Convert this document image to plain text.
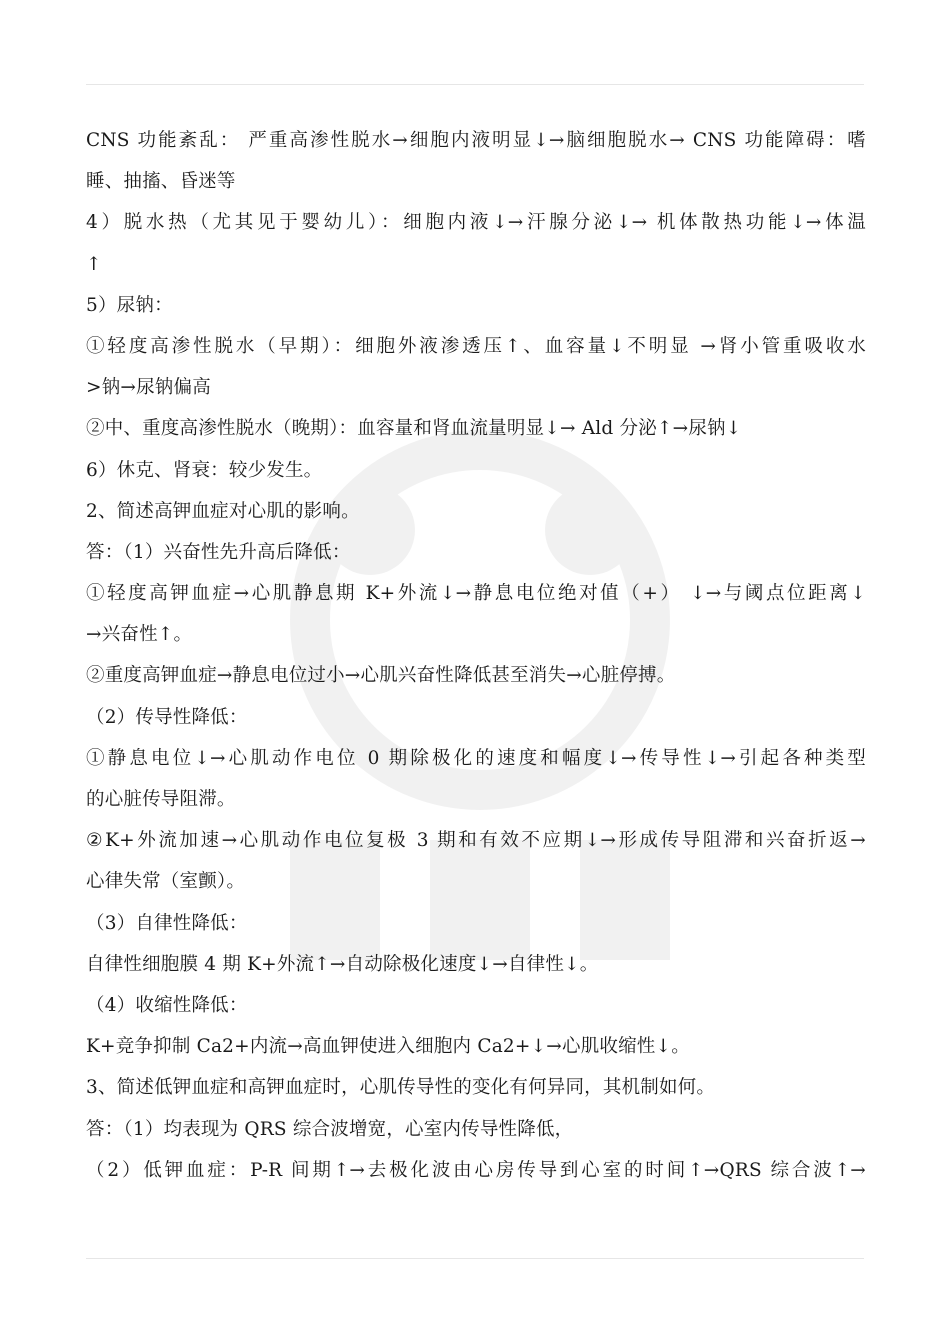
CNS 功能紊乱： 严重高渗性脱水→细胞内液明显↓→脑细胞脱水→ CNS 功能障碍：嗜
睡、抽搐、昏迷等
4）脱水热（尤其见于婴幼儿）：细胞内液↓→汗腺分泌↓→ 机体散热功能↓→体温
↑
5）尿钠：
①轻度高渗性脱水（早期）：细胞外液渗透压↑、血容量↓不明显 →肾小管重吸收水
>钠→尿钠偏高
②中、重度高渗性脱水（晚期）：血容量和肾血流量明显↓→ Ald 分泌↑→尿钠↓
6）休克、肾衰：较少发生。
2、简述高钾血症对心肌的影响。
答：（1）兴奋性先升高后降低：
①轻度高钾血症→心肌静息期 K+外流↓→静息电位绝对值（+） ↓→与阈点位距离↓
→兴奋性↑。
②重度高钾血症→静息电位过小→心肌兴奋性降低甚至消失→心脏停搏。
（2）传导性降低：
①静息电位↓→心肌动作电位 0 期除极化的速度和幅度↓→传导性↓→引起各种类型
的心脏传导阻滞。
②K+外流加速→心肌动作电位复极 3 期和有效不应期↓→形成传导阻滞和兴奋折返→
心律失常（室颤）。
（3）自律性降低：
自律性细胞膜 4 期 K+外流↑→自动除极化速度↓→自律性↓。
（4）收缩性降低：
K+竞争抑制 Ca2+内流→高血钾使进入细胞内 Ca2+↓→心肌收缩性↓。
3、简述低钾血症和高钾血症时，心肌传导性的变化有何异同，其机制如何。
答：（1）均表现为 QRS 综合波增宽，心室内传导性降低，
（2）低钾血症：P-R 间期↑→去极化波由心房传导到心室的时间↑→QRS 综合波↑→
